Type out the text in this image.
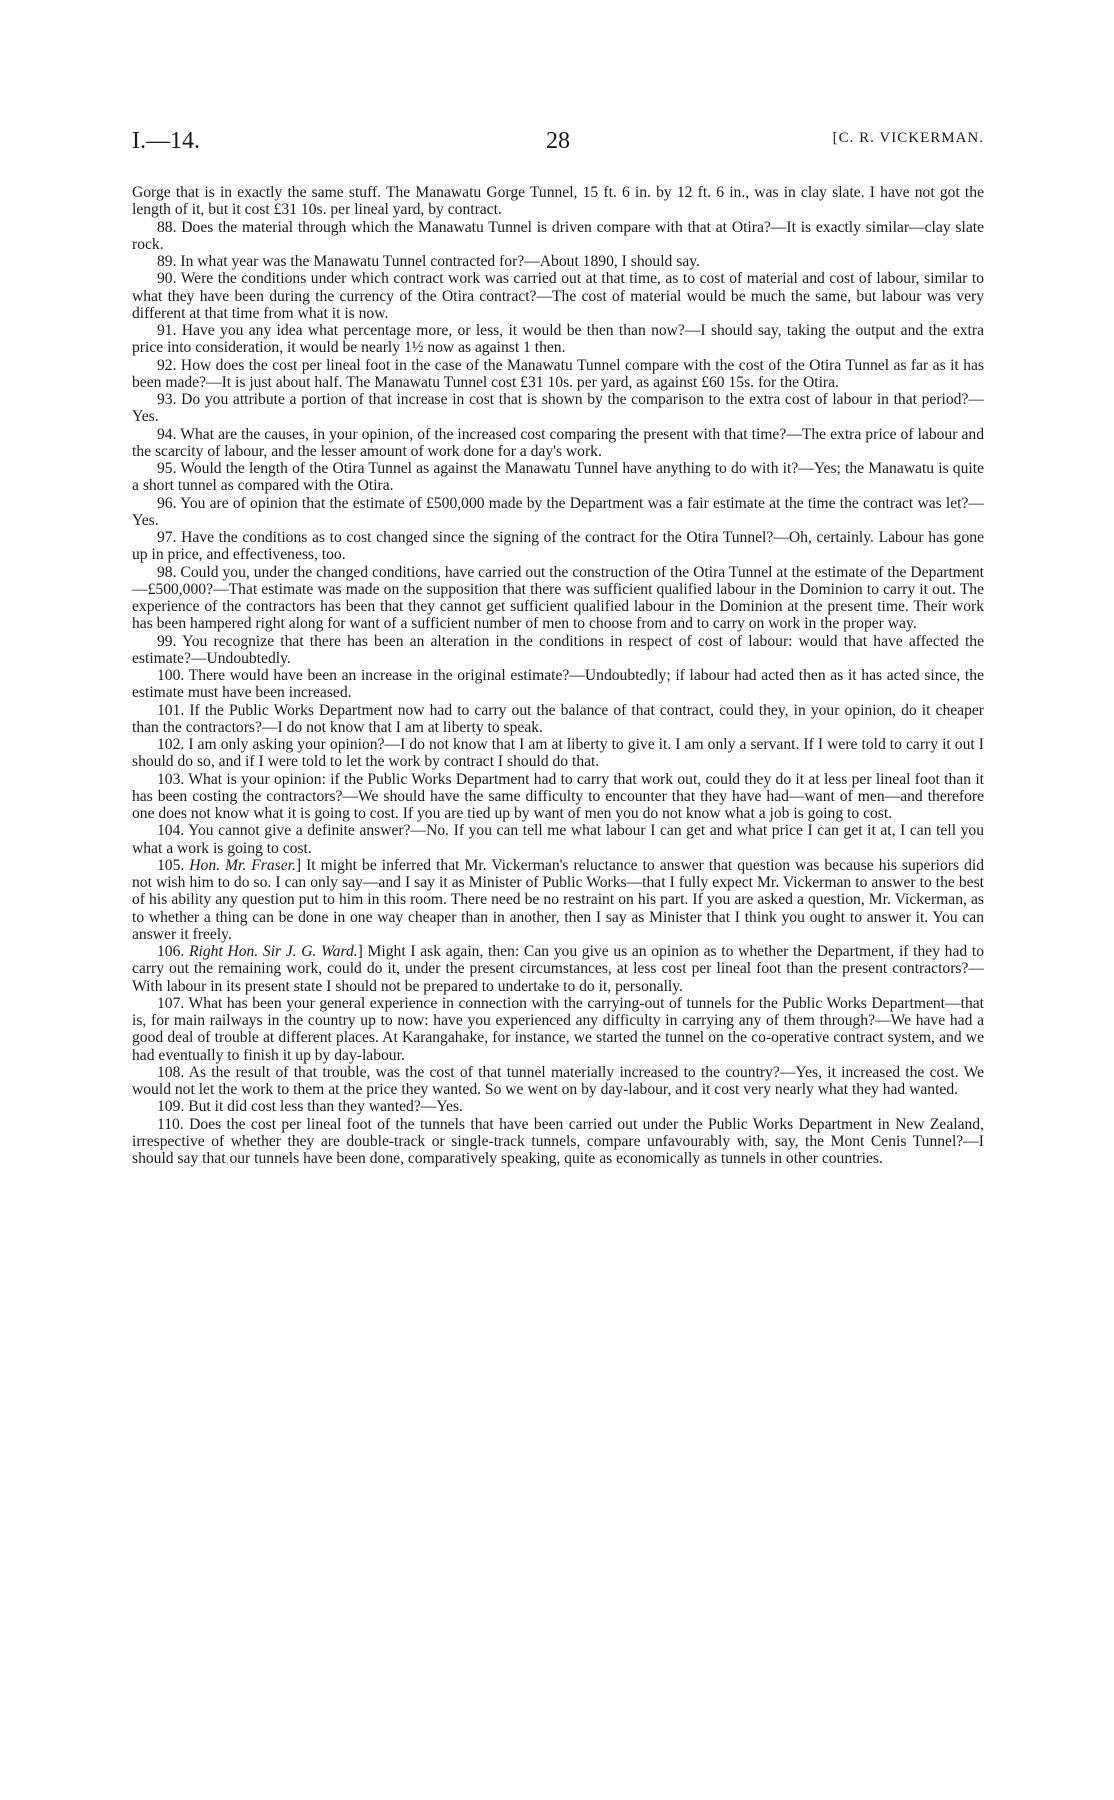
I.—14.	28	[C. R. VICKERMAN.

Gorge that is in exactly the same stuff. The Manawatu Gorge Tunnel, 15 ft. 6 in. by 12 ft. 6 in., was in clay slate. I have not got the length of it, but it cost £31 10s. per lineal yard, by contract.

88. Does the material through which the Manawatu Tunnel is driven compare with that at Otira?—It is exactly similar—clay slate rock.

89. In what year was the Manawatu Tunnel contracted for?—About 1890, I should say.

90. Were the conditions under which contract work was carried out at that time, as to cost of material and cost of labour, similar to what they have been during the currency of the Otira contract?—The cost of material would be much the same, but labour was very different at that time from what it is now.

91. Have you any idea what percentage more, or less, it would be then than now?—I should say, taking the output and the extra price into consideration, it would be nearly 1½ now as against 1 then.

92. How does the cost per lineal foot in the case of the Manawatu Tunnel compare with the cost of the Otira Tunnel as far as it has been made?—It is just about half. The Manawatu Tunnel cost £31 10s. per yard, as against £60 15s. for the Otira.

93. Do you attribute a portion of that increase in cost that is shown by the comparison to the extra cost of labour in that period?—Yes.

94. What are the causes, in your opinion, of the increased cost comparing the present with that time?—The extra price of labour and the scarcity of labour, and the lesser amount of work done for a day's work.

95. Would the length of the Otira Tunnel as against the Manawatu Tunnel have anything to do with it?—Yes; the Manawatu is quite a short tunnel as compared with the Otira.

96. You are of opinion that the estimate of £500,000 made by the Department was a fair estimate at the time the contract was let?—Yes.

97. Have the conditions as to cost changed since the signing of the contract for the Otira Tunnel?—Oh, certainly. Labour has gone up in price, and effectiveness, too.

98. Could you, under the changed conditions, have carried out the construction of the Otira Tunnel at the estimate of the Department—£500,000?—That estimate was made on the supposition that there was sufficient qualified labour in the Dominion to carry it out. The experience of the contractors has been that they cannot get sufficient qualified labour in the Dominion at the present time. Their work has been hampered right along for want of a sufficient number of men to choose from and to carry on work in the proper way.

99. You recognize that there has been an alteration in the conditions in respect of cost of labour: would that have affected the estimate?—Undoubtedly.

100. There would have been an increase in the original estimate?—Undoubtedly; if labour had acted then as it has acted since, the estimate must have been increased.

101. If the Public Works Department now had to carry out the balance of that contract, could they, in your opinion, do it cheaper than the contractors?—I do not know that I am at liberty to speak.

102. I am only asking your opinion?—I do not know that I am at liberty to give it. I am only a servant. If I were told to carry it out I should do so, and if I were told to let the work by contract I should do that.

103. What is your opinion: if the Public Works Department had to carry that work out, could they do it at less per lineal foot than it has been costing the contractors?—We should have the same difficulty to encounter that they have had—want of men—and therefore one does not know what it is going to cost. If you are tied up by want of men you do not know what a job is going to cost.

104. You cannot give a definite answer?—No. If you can tell me what labour I can get and what price I can get it at, I can tell you what a work is going to cost.

105. Hon. Mr. Fraser.] It might be inferred that Mr. Vickerman's reluctance to answer that question was because his superiors did not wish him to do so. I can only say—and I say it as Minister of Public Works—that I fully expect Mr. Vickerman to answer to the best of his ability any question put to him in this room. There need be no restraint on his part. If you are asked a question, Mr. Vickerman, as to whether a thing can be done in one way cheaper than in another, then I say as Minister that I think you ought to answer it. You can answer it freely.

106. Right Hon. Sir J. G. Ward.] Might I ask again, then: Can you give us an opinion as to whether the Department, if they had to carry out the remaining work, could do it, under the present circumstances, at less cost per lineal foot than the present contractors?—With labour in its present state I should not be prepared to undertake to do it, personally.

107. What has been your general experience in connection with the carrying-out of tunnels for the Public Works Department—that is, for main railways in the country up to now: have you experienced any difficulty in carrying any of them through?—We have had a good deal of trouble at different places. At Karangahake, for instance, we started the tunnel on the co-operative contract system, and we had eventually to finish it up by day-labour.

108. As the result of that trouble, was the cost of that tunnel materially increased to the country?—Yes, it increased the cost. We would not let the work to them at the price they wanted. So we went on by day-labour, and it cost very nearly what they had wanted.

109. But it did cost less than they wanted?—Yes.

110. Does the cost per lineal foot of the tunnels that have been carried out under the Public Works Department in New Zealand, irrespective of whether they are double-track or single-track tunnels, compare unfavourably with, say, the Mont Cenis Tunnel?—I should say that our tunnels have been done, comparatively speaking, quite as economically as tunnels in other countries.
